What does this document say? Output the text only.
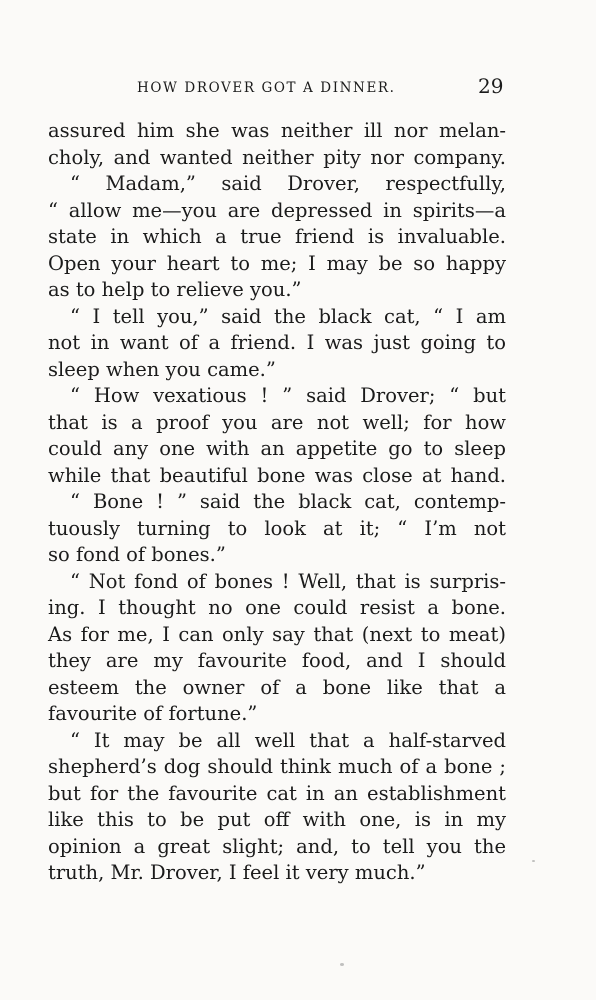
HOW DROVER GOT A DINNER.	29
assured him she was neither ill nor melan-
choly, and wanted neither pity nor company.
“ Madam,” said Drover, respectfully,
“ allow me—you are depressed in spirits—a
state in which a true friend is invaluable.
Open your heart to me; I may be so happy
as to help to relieve you.”
“ I tell you,” said the black cat, “ I am
not in want of a friend. I was just going to
sleep when you came.”
“ How vexatious ! ” said Drover; “ but
that is a proof you are not well; for how
could any one with an appetite go to sleep
while that beautiful bone was close at hand.
“ Bone ! ” said the black cat, contemp-
tuously turning to look at it; “ I’m not
so fond of bones.”
“ Not fond of bones ! Well, that is surpris-
ing. I thought no one could resist a bone.
As for me, I can only say that (next to meat)
they are my favourite food, and I should
esteem the owner of a bone like that a
favourite of fortune.”
“ It may be all well that a half-starved
shepherd’s dog should think much of a bone ;
but for the favourite cat in an establishment
like this to be put off with one, is in my
opinion a great slight; and, to tell you the
truth, Mr. Drover, I feel it very much.”
